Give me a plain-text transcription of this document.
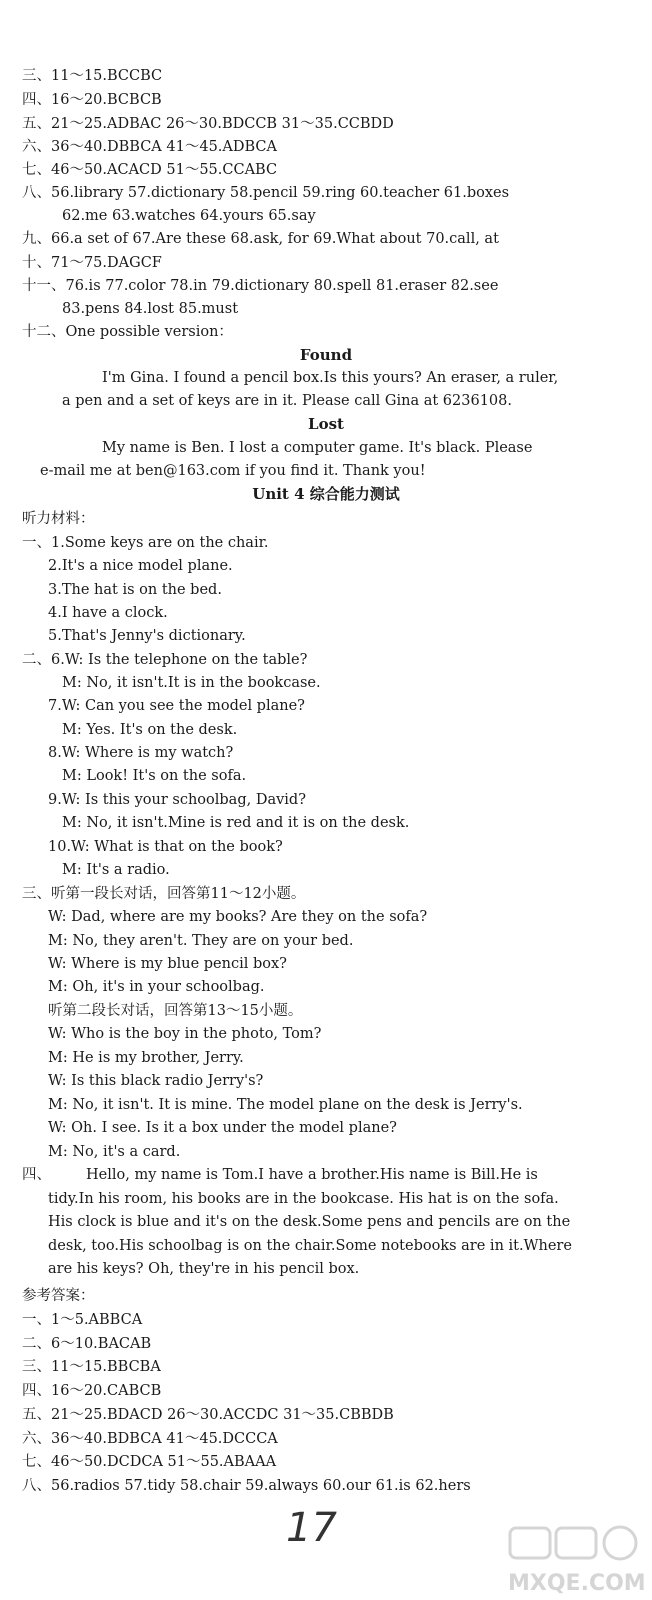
三、11～15.BCCBC
四、16～20.BCBCB
五、21～25.ADBAC 26～30.BDCCB 31～35.CCBDD
六、36～40.DBBCA 41～45.ADBCA
七、46～50.ACACD 51～55.CCABC
八、56.library 57.dictionary 58.pencil 59.ring 60.teacher 61.boxes
62.me 63.watches 64.yours 65.say
九、66.a set of 67.Are these 68.ask, for 69.What about 70.call, at
十、71～75.DAGCF
十一、76.is 77.color 78.in 79.dictionary 80.spell 81.eraser 82.see
83.pens 84.lost 85.must
十二、One possible version：
Found
I'm Gina. I found a pencil box.Is this yours? An eraser, a ruler,
a pen and a set of keys are in it. Please call Gina at 6236108.
Lost
My name is Ben. I lost a computer game. It's black. Please
e-mail me at ben@163.com if you find it. Thank you!
Unit 4 综合能力测试
听力材料：
一、1.Some keys are on the chair.
2.It's a nice model plane.
3.The hat is on the bed.
4.I have a clock.
5.That's Jenny's dictionary.
二、6.W: Is the telephone on the table?
M: No, it isn't.It is in the bookcase.
7.W: Can you see the model plane?
M: Yes. It's on the desk.
8.W: Where is my watch?
M: Look! It's on the sofa.
9.W: Is this your schoolbag, David?
M: No, it isn't.Mine is red and it is on the desk.
10.W: What is that on the book?
M: It's a radio.
三、听第一段长对话，回答第11～12小题。
W: Dad, where are my books? Are they on the sofa?
M: No, they aren't. They are on your bed.
W: Where is my blue pencil box?
M: Oh, it's in your schoolbag.
听第二段长对话，回答第13～15小题。
W: Who is the boy in the photo, Tom?
M: He is my brother, Jerry.
W: Is this black radio Jerry's?
M: No, it isn't. It is mine. The model plane on the desk is Jerry's.
W: Oh. I see. Is it a box under the model plane?
M: No, it's a card.
四、 Hello, my name is Tom.I have a brother.His name is Bill.He is
tidy.In his room, his books are in the bookcase. His hat is on the sofa.
His clock is blue and it's on the desk.Some pens and pencils are on the
desk, too.His schoolbag is on the chair.Some notebooks are in it.Where
are his keys? Oh, they're in his pencil box.
参考答案：
一、1～5.ABBCA
二、6～10.BACAB
三、11～15.BBCBA
四、16～20.CABCB
五、21～25.BDACD 26～30.ACCDC 31～35.CBBDB
六、36～40.BDBCA 41～45.DCCCA
七、46～50.DCDCA 51～55.ABAAA
八、56.radios 57.tidy 58.chair 59.always 60.our 61.is 62.hers
17
MXQE.COM
